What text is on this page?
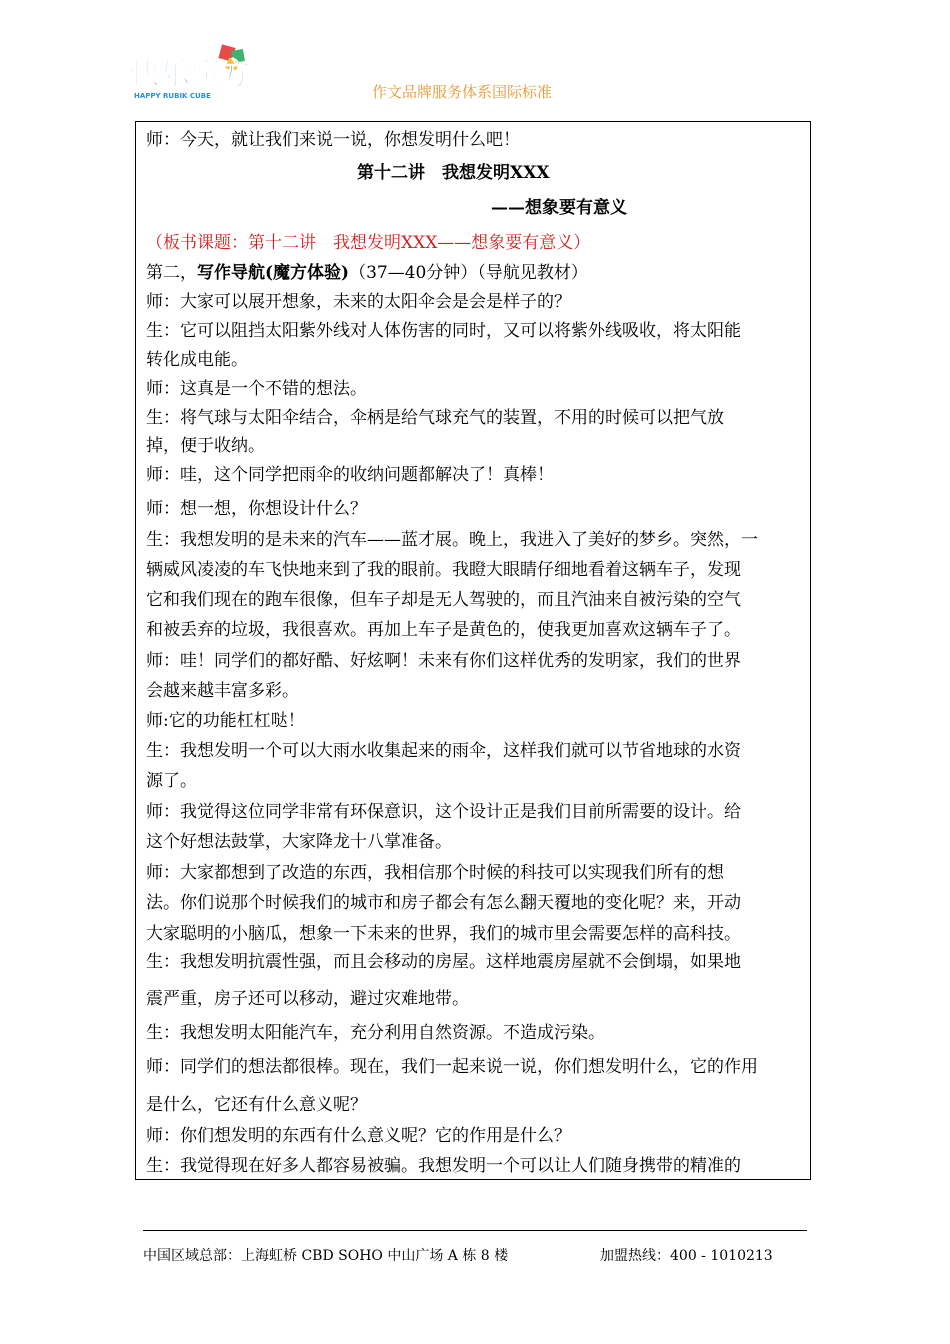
快乐魔方
HAPPY RUBIK CUBE	作文品牌服务体系国际标准
师：今天，就让我们来说一说，你想发明什么吧！
第十二讲　我想发明XXX
——想象要有意义
（板书课题：第十二讲　我想发明XXX——想象要有意义）
第二，写作导航(魔方体验)（37—40分钟）（导航见教材）
师：大家可以展开想象，未来的太阳伞会是会是样子的？
生：它可以阻挡太阳紫外线对人体伤害的同时，又可以将紫外线吸收，将太阳能
转化成电能。
师：这真是一个不错的想法。
生：将气球与太阳伞结合，伞柄是给气球充气的装置，不用的时候可以把气放
掉，便于收纳。
师：哇，这个同学把雨伞的收纳问题都解决了！真棒！
师：想一想，你想设计什么？
生：我想发明的是未来的汽车——蓝才展。晚上，我进入了美好的梦乡。突然，一
辆威风凌凌的车飞快地来到了我的眼前。我瞪大眼睛仔细地看着这辆车子，发现
它和我们现在的跑车很像，但车子却是无人驾驶的，而且汽油来自被污染的空气
和被丢弃的垃圾，我很喜欢。再加上车子是黄色的，使我更加喜欢这辆车子了。
师：哇！同学们的都好酷、好炫啊！未来有你们这样优秀的发明家，我们的世界
会越来越丰富多彩。
师:它的功能杠杠哒！
生：我想发明一个可以大雨水收集起来的雨伞，这样我们就可以节省地球的水资
源了。
师：我觉得这位同学非常有环保意识，这个设计正是我们目前所需要的设计。给
这个好想法鼓掌，大家降龙十八掌准备。
师：大家都想到了改造的东西，我相信那个时候的科技可以实现我们所有的想
法。你们说那个时候我们的城市和房子都会有怎么翻天覆地的变化呢？来，开动
大家聪明的小脑瓜，想象一下未来的世界，我们的城市里会需要怎样的高科技。
生：我想发明抗震性强，而且会移动的房屋。这样地震房屋就不会倒塌，如果地
震严重，房子还可以移动，避过灾难地带。
生：我想发明太阳能汽车，充分利用自然资源。不造成污染。
师：同学们的想法都很棒。现在，我们一起来说一说，你们想发明什么，它的作用
是什么，它还有什么意义呢？
师：你们想发明的东西有什么意义呢？它的作用是什么？
生：我觉得现在好多人都容易被骗。我想发明一个可以让人们随身携带的精准的
中国区域总部：上海虹桥 CBD SOHO 中山广场 A 栋 8 楼	加盟热线：400 - 1010213
